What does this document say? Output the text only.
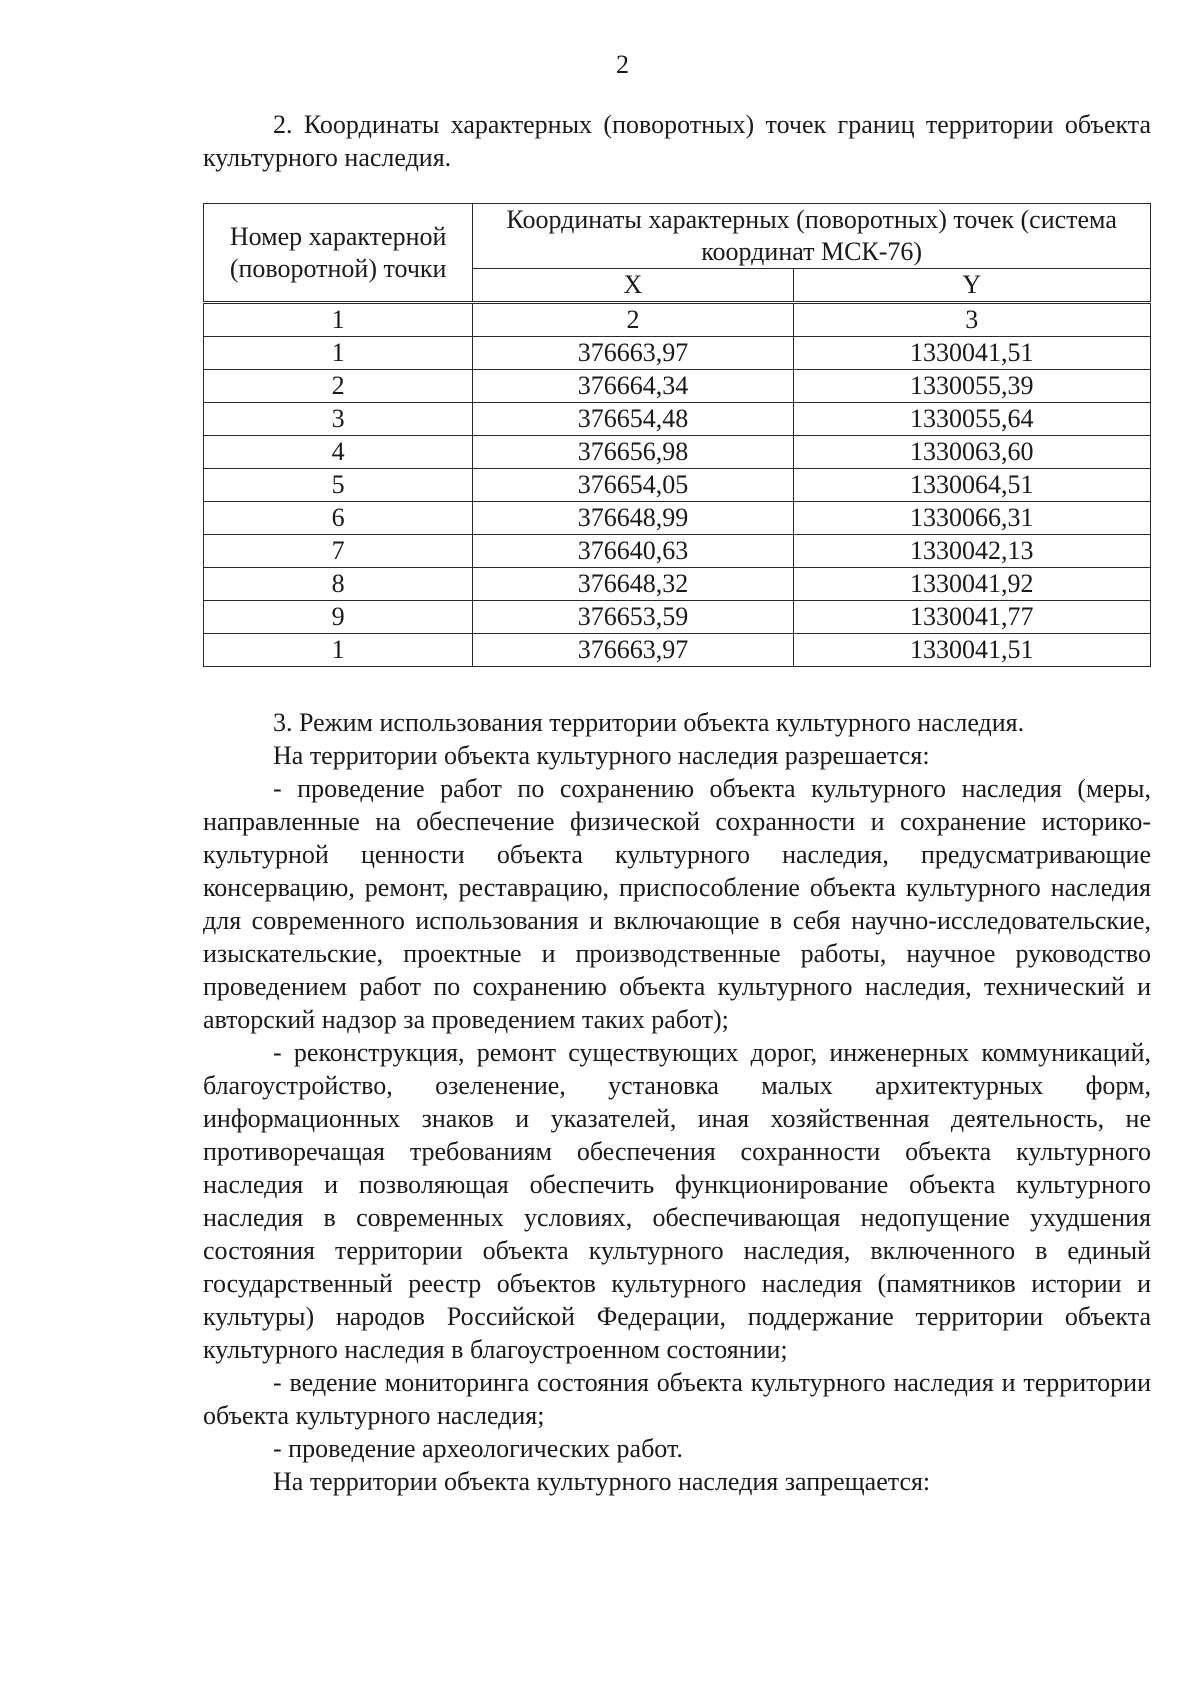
2
2. Координаты характерных (поворотных) точек границ территории объекта культурного наследия.
Номер характерной (поворотной) точки	Координаты характерных (поворотных) точек (система координат МСК-76)	
	X	Y
1	2	3
1	376663,97	1330041,51
2	376664,34	1330055,39
3	376654,48	1330055,64
4	376656,98	1330063,60
5	376654,05	1330064,51
6	376648,99	1330066,31
7	376640,63	1330042,13
8	376648,32	1330041,92
9	376653,59	1330041,77
1	376663,97	1330041,51

3. Режим использования территории объекта культурного наследия.

На территории объекта культурного наследия разрешается:

- проведение работ по сохранению объекта культурного наследия (меры, направленные на обеспечение физической сохранности и сохранение историко-культурной ценности объекта культурного наследия, предусматривающие консервацию, ремонт, реставрацию, приспособление объекта культурного наследия для современного использования и включающие в себя научно-исследовательские, изыскательские, проектные и производственные работы, научное руководство проведением работ по сохранению объекта культурного наследия, технический и авторский надзор за проведением таких работ);

- реконструкция, ремонт существующих дорог, инженерных коммуникаций, благоустройство, озеленение, установка малых архитектурных форм, информационных знаков и указателей, иная хозяйственная деятельность, не противоречащая требованиям обеспечения сохранности объекта культурного наследия и позволяющая обеспечить функционирование объекта культурного наследия в современных условиях, обеспечивающая недопущение ухудшения состояния территории объекта культурного наследия, включенного в единый государственный реестр объектов культурного наследия (памятников истории и культуры) народов Российской Федерации, поддержание территории объекта культурного наследия в благоустроенном состоянии;

- ведение мониторинга состояния объекта культурного наследия и территории объекта культурного наследия;

- проведение археологических работ.

На территории объекта культурного наследия запрещается:
